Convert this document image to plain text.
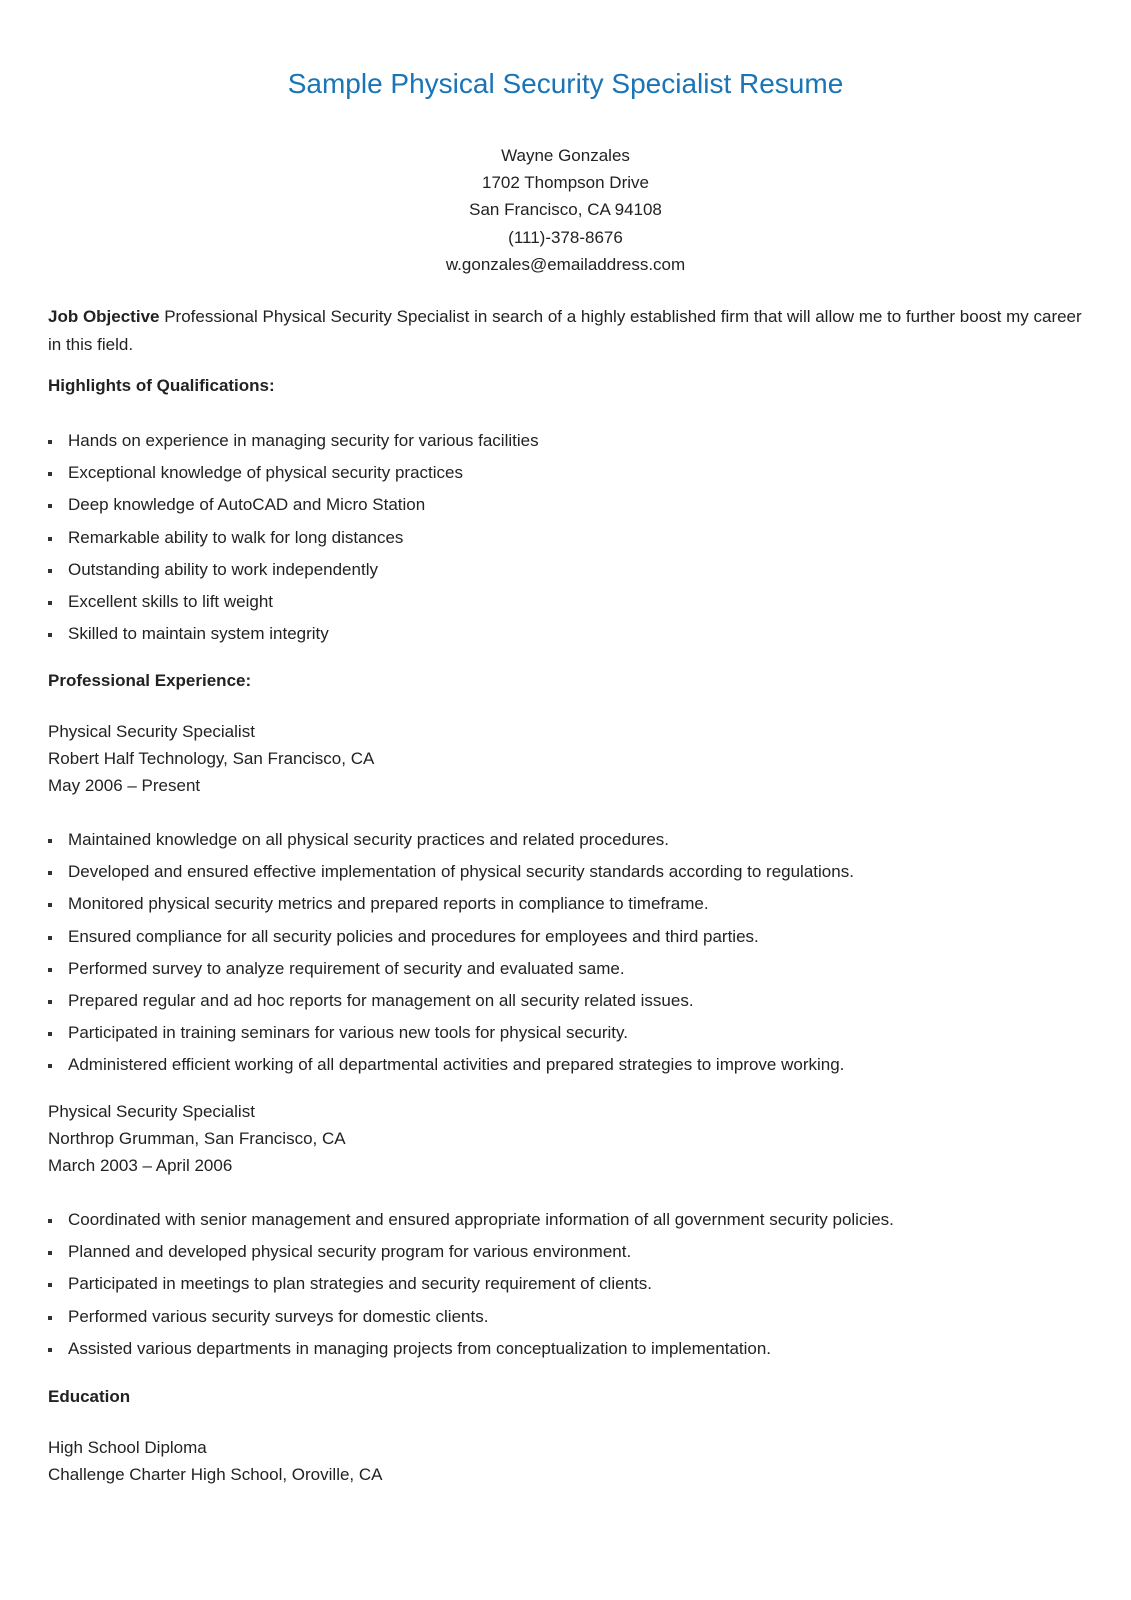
Sample Physical Security Specialist Resume
Wayne Gonzales
1702 Thompson Drive
San Francisco, CA 94108
(111)-378-8676
w.gonzales@emailaddress.com
Job Objective Professional Physical Security Specialist in search of a highly established firm that will allow me to further boost my career in this field.
Highlights of Qualifications:
Hands on experience in managing security for various facilities
Exceptional knowledge of physical security practices
Deep knowledge of AutoCAD and Micro Station
Remarkable ability to walk for long distances
Outstanding ability to work independently
Excellent skills to lift weight
Skilled to maintain system integrity
Professional Experience:
Physical Security Specialist
Robert Half Technology, San Francisco, CA
May 2006 – Present
Maintained knowledge on all physical security practices and related procedures.
Developed and ensured effective implementation of physical security standards according to regulations.
Monitored physical security metrics and prepared reports in compliance to timeframe.
Ensured compliance for all security policies and procedures for employees and third parties.
Performed survey to analyze requirement of security and evaluated same.
Prepared regular and ad hoc reports for management on all security related issues.
Participated in training seminars for various new tools for physical security.
Administered efficient working of all departmental activities and prepared strategies to improve working.
Physical Security Specialist
Northrop Grumman, San Francisco, CA
March 2003 – April 2006
Coordinated with senior management and ensured appropriate information of all government security policies.
Planned and developed physical security program for various environment.
Participated in meetings to plan strategies and security requirement of clients.
Performed various security surveys for domestic clients.
Assisted various departments in managing projects from conceptualization to implementation.
Education
High School Diploma
Challenge Charter High School, Oroville, CA
